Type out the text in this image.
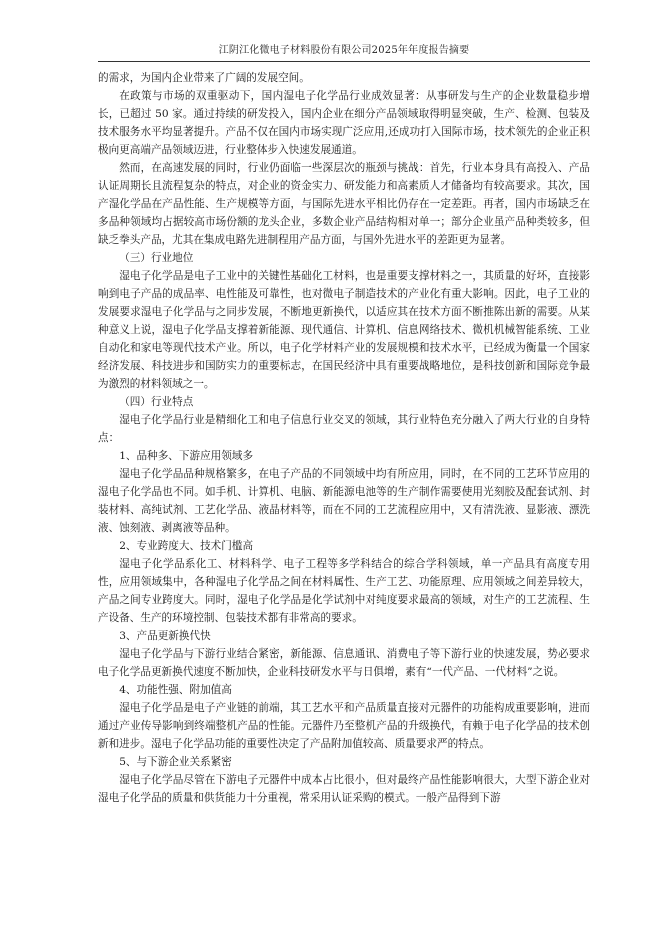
江阴江化微电子材料股份有限公司2025年年度报告摘要

的需求，为国内企业带来了广阔的发展空间。

在政策与市场的双重驱动下，国内湿电子化学品行业成效显著：从事研发与生产的企业数量稳步增长，已超过 50 家。通过持续的研发投入，国内企业在细分产品领域取得明显突破，生产、检测、包装及技术服务水平均显著提升。产品不仅在国内市场实现广泛应用,还成功打入国际市场，技术领先的企业正积极向更高端产品领域迈进，行业整体步入快速发展通道。

然而，在高速发展的同时，行业仍面临一些深层次的瓶颈与挑战：首先，行业本身具有高投入、产品认证周期长且流程复杂的特点，对企业的资金实力、研发能力和高素质人才储备均有较高要求。其次，国产湿化学品在产品性能、生产规模等方面，与国际先进水平相比仍存在一定差距。再者，国内市场缺乏在多品种领域均占据较高市场份额的龙头企业，多数企业产品结构相对单一；部分企业虽产品种类较多，但缺乏拳头产品，尤其在集成电路先进制程用产品方面，与国外先进水平的差距更为显著。

（三）行业地位

湿电子化学品是电子工业中的关键性基础化工材料，也是重要支撑材料之一，其质量的好坏，直接影响到电子产品的成品率、电性能及可靠性，也对微电子制造技术的产业化有重大影响。因此，电子工业的发展要求湿电子化学品与之同步发展，不断地更新换代，以适应其在技术方面不断推陈出新的需要。从某种意义上说，湿电子化学品支撑着新能源、现代通信、计算机、信息网络技术、微机机械智能系统、工业自动化和家电等现代技术产业。所以，电子化学材料产业的发展规模和技术水平，已经成为衡量一个国家经济发展、科技进步和国防实力的重要标志，在国民经济中具有重要战略地位，是科技创新和国际竞争最为激烈的材料领域之一。

（四）行业特点

湿电子化学品行业是精细化工和电子信息行业交叉的领域，其行业特色充分融入了两大行业的自身特点：

1、品种多、下游应用领域多

湿电子化学品品种规格繁多，在电子产品的不同领域中均有所应用，同时，在不同的工艺环节应用的湿电子化学品也不同。如手机、计算机、电脑、新能源电池等的生产制作需要使用光刻胶及配套试剂、封装材料、高纯试剂、工艺化学品、液晶材料等，而在不同的工艺流程应用中，又有清洗液、显影液、漂洗液、蚀刻液、剥离液等品种。

2、专业跨度大、技术门槛高

湿电子化学品系化工、材料科学、电子工程等多学科结合的综合学科领域，单一产品具有高度专用性，应用领域集中，各种湿电子化学品之间在材料属性、生产工艺、功能原理、应用领域之间差异较大，产品之间专业跨度大。同时，湿电子化学品是化学试剂中对纯度要求最高的领域，对生产的工艺流程、生产设备、生产的环境控制、包装技术都有非常高的要求。

3、产品更新换代快

湿电子化学品与下游行业结合紧密，新能源、信息通讯、消费电子等下游行业的快速发展，势必要求电子化学品更新换代速度不断加快，企业科技研发水平与日俱增，素有“一代产品、一代材料”之说。

4、功能性强、附加值高

湿电子化学品是电子产业链的前端，其工艺水平和产品质量直接对元器件的功能构成重要影响，进而通过产业传导影响到终端整机产品的性能。元器件乃至整机产品的升级换代，有赖于电子化学品的技术创新和进步。湿电子化学品功能的重要性决定了产品附加值较高、质量要求严的特点。

5、与下游企业关系紧密

湿电子化学品尽管在下游电子元器件中成本占比很小，但对最终产品性能影响很大，大型下游企业对湿电子化学品的质量和供货能力十分重视，常采用认证采购的模式。一般产品得到下游
